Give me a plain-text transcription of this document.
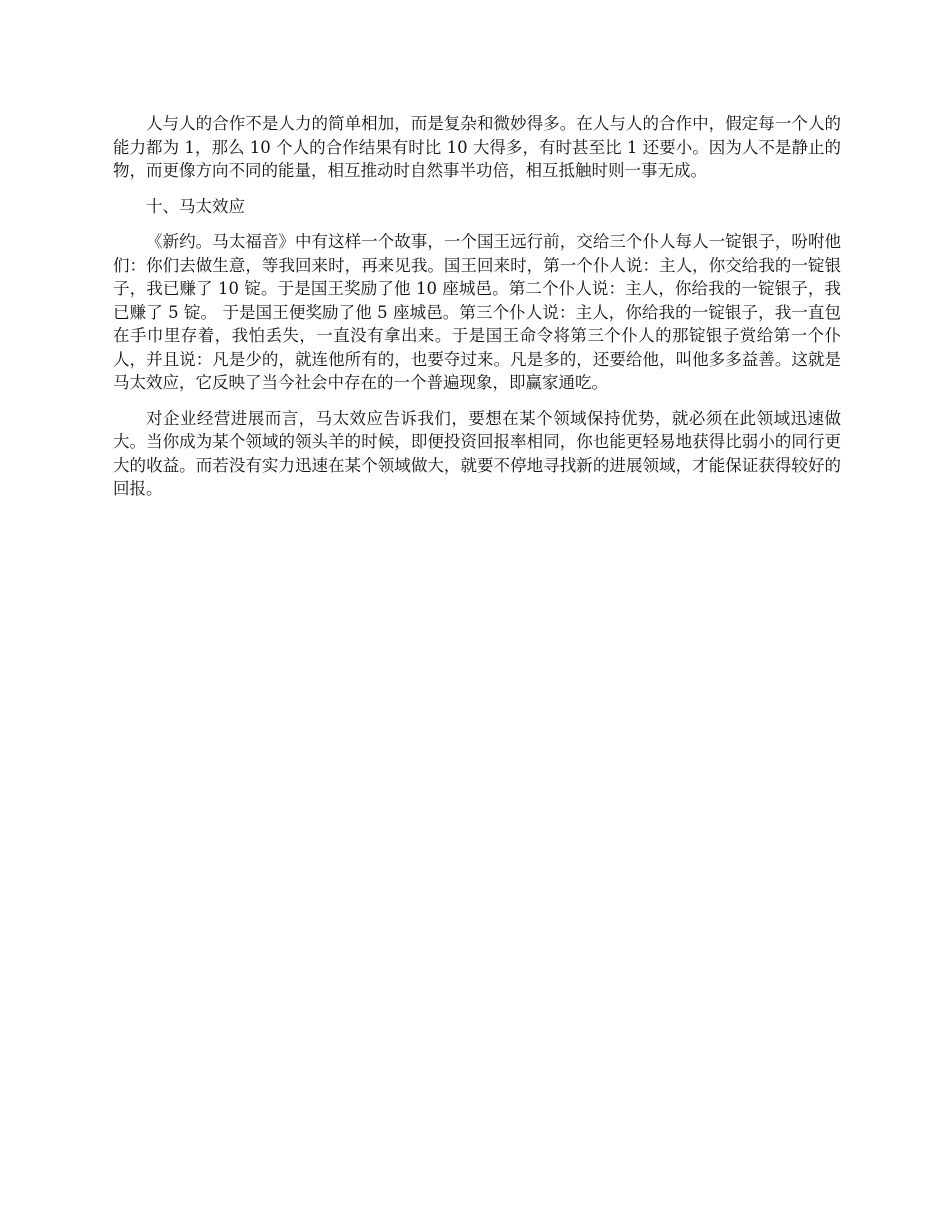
人与人的合作不是人力的简单相加，而是复杂和微妙得多。在人与人的合作中，假定每一个人的能力都为 1，那么 10 个人的合作结果有时比 10 大得多，有时甚至比 1 还要小。因为人不是静止的物，而更像方向不同的能量，相互推动时自然事半功倍，相互抵触时则一事无成。

十、马太效应

《新约。马太福音》中有这样一个故事，一个国王远行前，交给三个仆人每人一锭银子，吩咐他们：你们去做生意，等我回来时，再来见我。国王回来时，第一个仆人说：主人，你交给我的一锭银子，我已赚了 10 锭。于是国王奖励了他 10 座城邑。第二个仆人说：主人，你给我的一锭银子，我已赚了 5 锭。 于是国王便奖励了他 5 座城邑。第三个仆人说：主人，你给我的一锭银子，我一直包在手巾里存着，我怕丢失，一直没有拿出来。于是国王命令将第三个仆人的那锭银子赏给第一个仆人，并且说：凡是少的，就连他所有的，也要夺过来。凡是多的，还要给他，叫他多多益善。这就是马太效应，它反映了当今社会中存在的一个普遍现象，即赢家通吃。

对企业经营进展而言，马太效应告诉我们，要想在某个领域保持优势，就必须在此领域迅速做大。当你成为某个领域的领头羊的时候，即便投资回报率相同，你也能更轻易地获得比弱小的同行更大的收益。而若没有实力迅速在某个领域做大，就要不停地寻找新的进展领域，才能保证获得较好的回报。
